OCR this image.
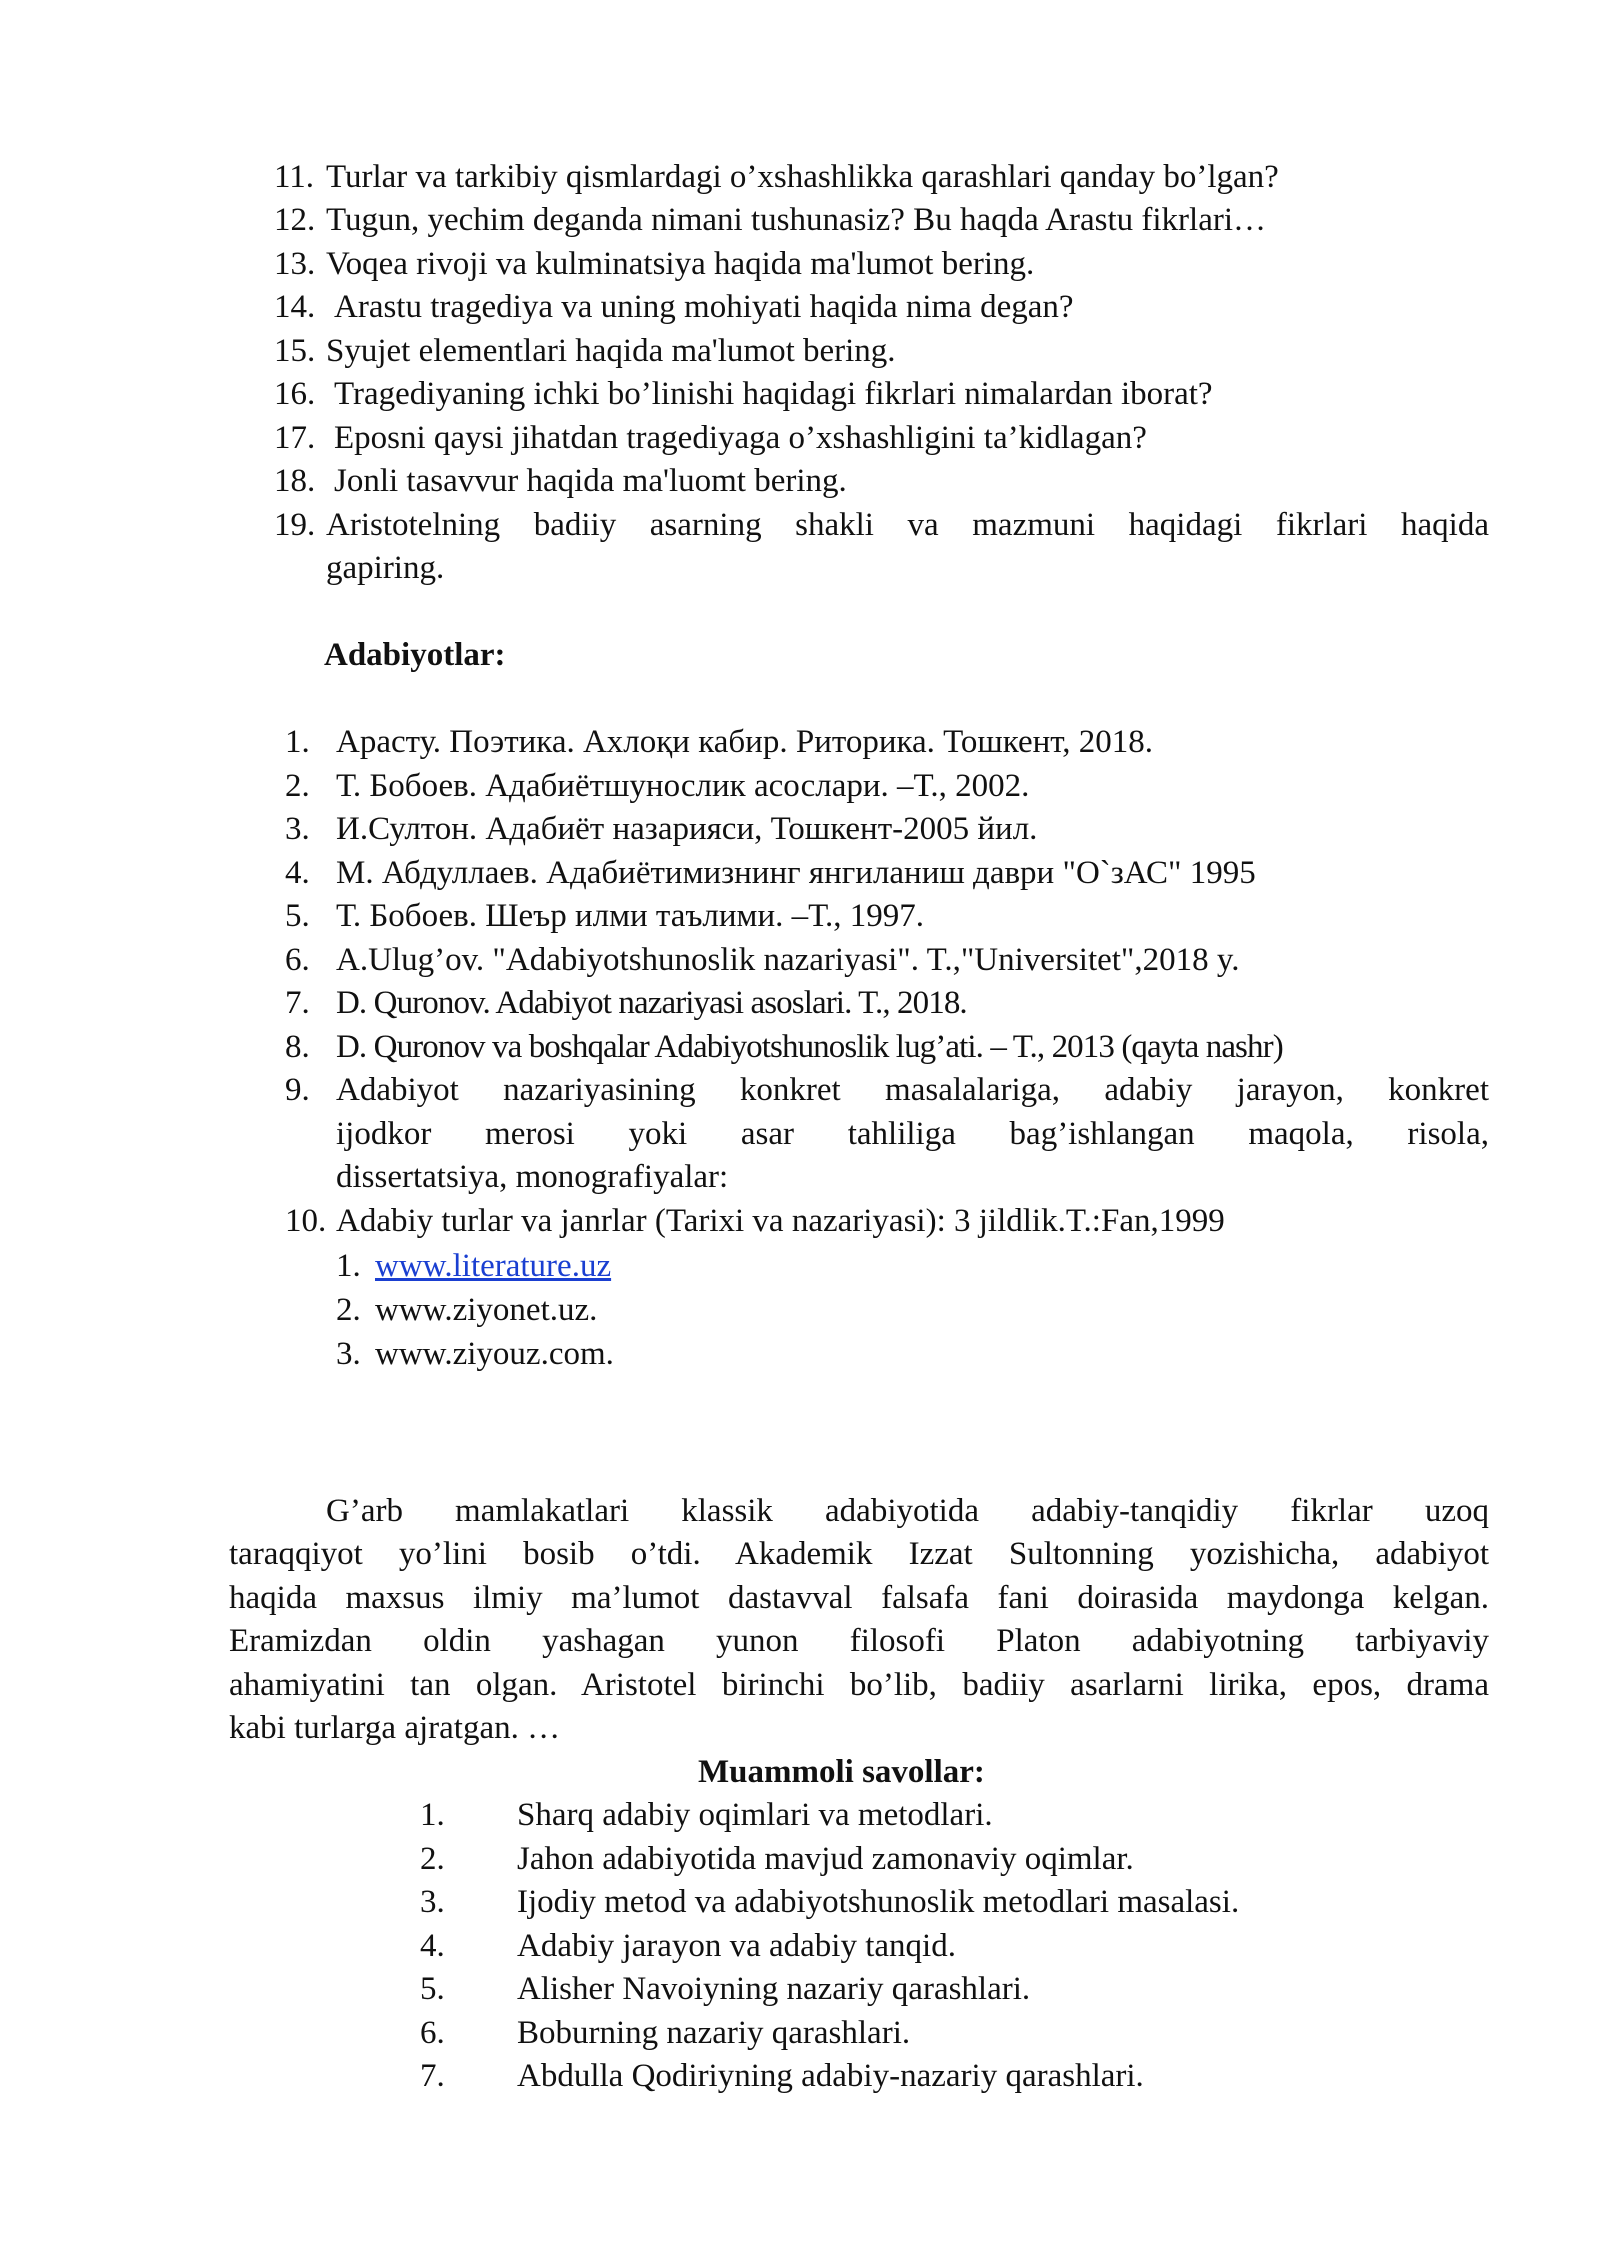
11. Turlar va tarkibiy qismlardagi o’xshashlikka qarashlari qanday bo’lgan?
12. Tugun, yechim deganda nimani tushunasiz? Bu haqda Arastu fikrlari…
13. Voqea rivoji va kulminatsiya haqida ma'lumot bering.
14. Arastu tragediya va uning mohiyati haqida nima degan?
15. Syujet elementlari haqida ma'lumot bering.
16. Tragediyaning ichki bo’linishi haqidagi fikrlari nimalardan iborat?
17. Eposni qaysi jihatdan tragediyaga o’xshashligini ta’kidlagan?
18. Jonli tasavvur haqida ma'luomt bering.
19. Aristotelning badiiy asarning shakli va mazmuni haqidagi fikrlari haqida
gapiring.
Adabiyotlar:
1. Арасту. Поэтика. Ахлоқи кабир. Риторика. Тошкент, 2018.
2. Т. Бобоев. Адабиётшунослик асослари. –Т., 2002.
3. И.Султон. Адабиёт назарияси, Тошкент-2005 йил.
4. М. Абдуллаев. Адабиётимизнинг янгиланиш даври "О`зАС" 1995
5. Т. Бобоев. Шеър илми таълими. –Т., 1997.
6. A.Ulug’ov. "Adabiyotshunoslik nazariyasi". T.,"Universitet",2018 y.
7. D. Quronov. Adabiyot nazariyasi asoslari. T., 2018.
8. D. Quronov va boshqalar Adabiyotshunoslik lug’ati. – T., 2013 (qayta nashr)
9. Adabiyot nazariyasining konkret masalalariga, adabiy jarayon, konkret
ijodkor merosi yoki asar tahliliga bag’ishlangan maqola, risola,
dissertatsiya, monografiyalar:
10. Adabiy turlar va janrlar (Tarixi va nazariyasi): 3 jildlik.T.:Fan,1999
1. www.literature.uz
2. www.ziyonet.uz.
3. www.ziyouz.com.
G’arb mamlakatlari klassik adabiyotida adabiy-tanqidiy fikrlar uzoq
taraqqiyot yo’lini bosib o’tdi. Akademik Izzat Sultonning yozishicha, adabiyot
haqida maxsus ilmiy ma’lumot dastavval falsafa fani doirasida maydonga kelgan.
Eramizdan oldin yashagan yunon filosofi Platon adabiyotning tarbiyaviy
ahamiyatini tan olgan. Aristotel birinchi bo’lib, badiiy asarlarni lirika, epos, drama
kabi turlarga ajratgan. …
Muammoli savollar:
1. Sharq adabiy oqimlari va metodlari.
2. Jahon adabiyotida mavjud zamonaviy oqimlar.
3. Ijodiy metod va adabiyotshunoslik metodlari masalasi.
4. Adabiy jarayon va adabiy tanqid.
5. Alisher Navoiyning nazariy qarashlari.
6. Boburning nazariy qarashlari.
7. Abdulla Qodiriyning adabiy-nazariy qarashlari.
